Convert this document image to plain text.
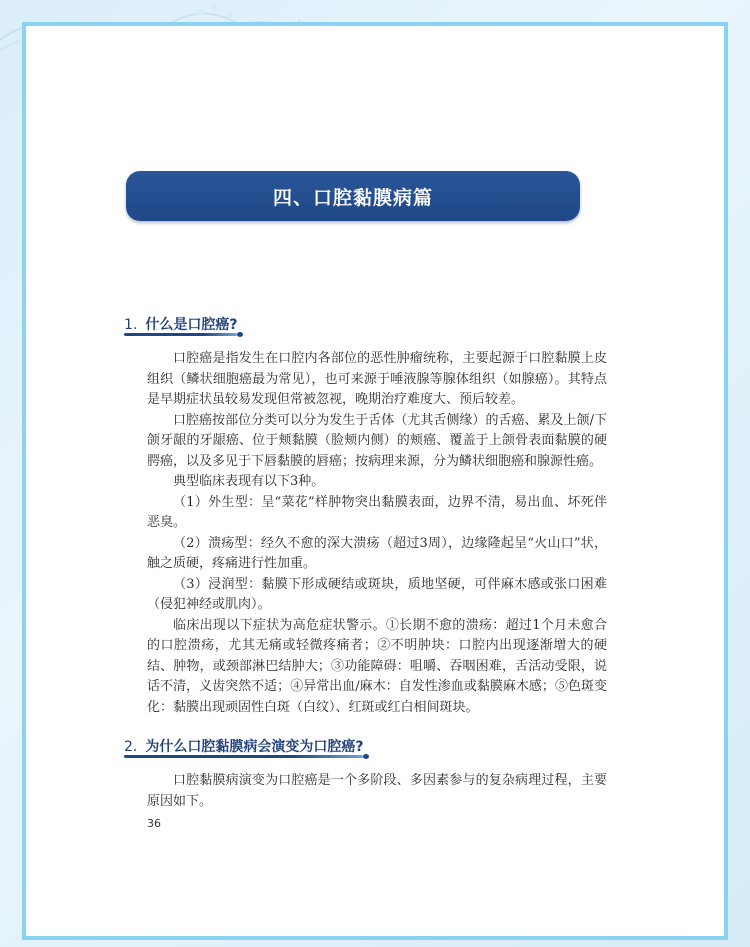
四、口腔黏膜病篇
1. 什么是口腔癌?

口腔癌是指发生在口腔内各部位的恶性肿瘤统称，主要起源于口腔黏膜上皮组织（鳞状细胞癌最为常见），也可来源于唾液腺等腺体组织（如腺癌）。其特点是早期症状虽较易发现但常被忽视，晚期治疗难度大、预后较差。

口腔癌按部位分类可以分为发生于舌体（尤其舌侧缘）的舌癌、累及上颌/下颌牙龈的牙龈癌、位于颊黏膜（脸颊内侧）的颊癌、覆盖于上颌骨表面黏膜的硬腭癌，以及多见于下唇黏膜的唇癌；按病理来源，分为鳞状细胞癌和腺源性癌。

典型临床表现有以下3种。

（1）外生型：呈“菜花”样肿物突出黏膜表面，边界不清，易出血、坏死伴恶臭。

（2）溃疡型：经久不愈的深大溃疡（超过3周），边缘隆起呈“火山口”状，触之质硬，疼痛进行性加重。

（3）浸润型：黏膜下形成硬结或斑块，质地坚硬，可伴麻木感或张口困难（侵犯神经或肌肉）。

临床出现以下症状为高危症状警示。①长期不愈的溃疡：超过1个月未愈合的口腔溃疡，尤其无痛或轻微疼痛者；②不明肿块：口腔内出现逐渐增大的硬结、肿物，或颈部淋巴结肿大；③功能障碍：咀嚼、吞咽困难，舌活动受限，说话不清，义齿突然不适；④异常出血/麻木：自发性渗血或黏膜麻木感；⑤色斑变化：黏膜出现顽固性白斑（白纹）、红斑或红白相间斑块。

2. 为什么口腔黏膜病会演变为口腔癌?

口腔黏膜病演变为口腔癌是一个多阶段、多因素参与的复杂病理过程，主要原因如下。

36
